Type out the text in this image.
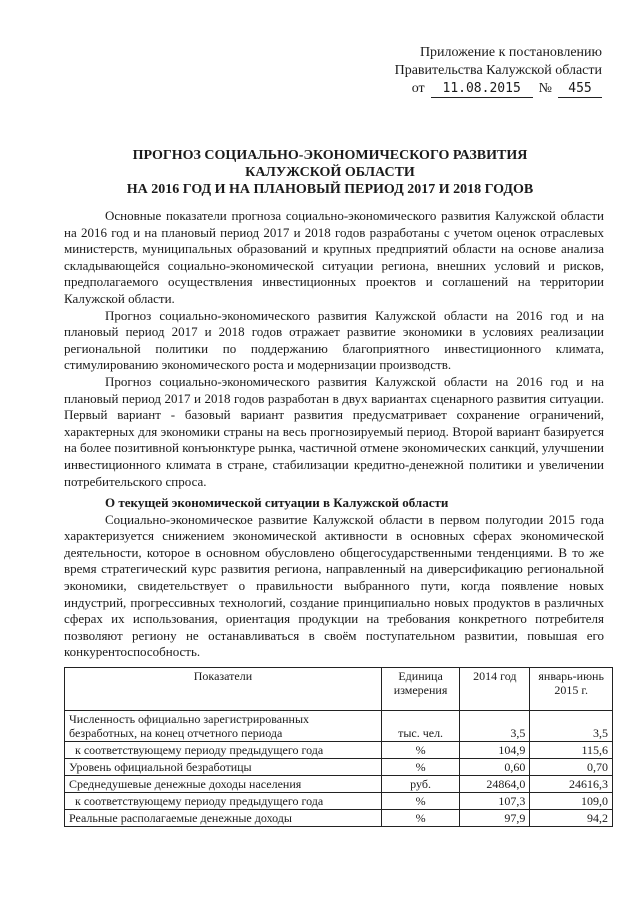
Приложение к постановлению
Правительства Калужской области
от	11.08.2015	№	455
ПРОГНОЗ СОЦИАЛЬНО-ЭКОНОМИЧЕСКОГО РАЗВИТИЯ
КАЛУЖСКОЙ ОБЛАСТИ
НА 2016 ГОД И НА ПЛАНОВЫЙ ПЕРИОД 2017 И 2018 ГОДОВ

Основные показатели прогноза социально-экономического развития Калужской области на 2016 год и на плановый период 2017 и 2018 годов разработаны с учетом оценок отраслевых министерств, муниципальных образований и крупных предприятий области на основе анализа складывающейся социально-экономической ситуации региона, внешних условий и рисков, предполагаемого осуществления инвестиционных проектов и соглашений на территории Калужской области.

Прогноз социально-экономического развития Калужской области на 2016 год и на плановый период 2017 и 2018 годов отражает развитие экономики в условиях реализации региональной политики по поддержанию благоприятного инвестиционного климата, стимулированию экономического роста и модернизации производств.

Прогноз социально-экономического развития Калужской области на 2016 год и на плановый период 2017 и 2018 годов разработан в двух вариантах сценарного развития ситуации. Первый вариант - базовый вариант развития предусматривает сохранение ограничений, характерных для экономики страны на весь прогнозируемый период. Второй вариант базируется на более позитивной конъюнктуре рынка, частичной отмене экономических санкций, улучшении инвестиционного климата в стране, стабилизации кредитно-денежной политики и увеличении потребительского спроса.

О текущей экономической ситуации в Калужской области

Социально-экономическое развитие Калужской области в первом полугодии 2015 года характеризуется снижением экономической активности в основных сферах экономической деятельности, которое в основном обусловлено общегосударственными тенденциями. В то же время стратегический курс развития региона, направленный на диверсификацию региональной экономики, свидетельствует о правильности выбранного пути, когда появление новых индустрий, прогрессивных технологий, создание принципиально новых продуктов в различных сферах их использования, ориентация продукции на требования конкретного потребителя позволяют региону не останавливаться в своём поступательном развитии, повышая его конкурентоспособность.

Показатели	Единица измерения	2014 год	январь-июнь 2015 г.
Численность официально зарегистрированных безработных, на конец отчетного периода	тыс. чел.	3,5	3,5
к соответствующему периоду предыдущего года	%	104,9	115,6
Уровень официальной безработицы	%	0,60	0,70
Среднедушевые денежные доходы населения	руб.	24864,0	24616,3
к соответствующему периоду предыдущего года	%	107,3	109,0
Реальные располагаемые денежные доходы	%	97,9	94,2
